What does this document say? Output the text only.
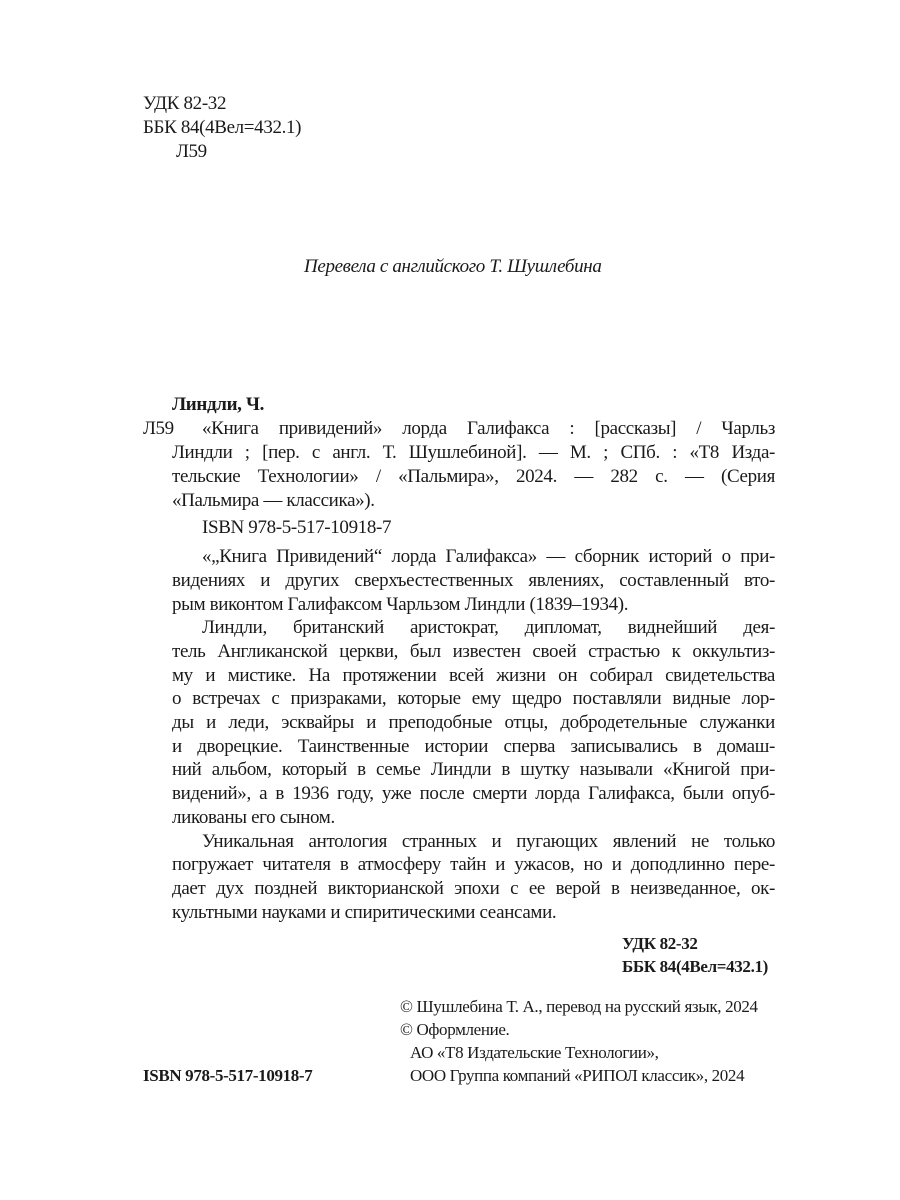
УДК 82-32
ББК 84(4Вел=432.1)
Л59
Перевела с английского Т. Шушлебина
Линдли, Ч.
Л59 «Книга привидений» лорда Галифакса : [рассказы] / Чарльз
Линдли ; [пер. с англ. Т. Шушлебиной]. — М. ; СПб. : «Т8 Изда-
тельские Технологии» / «Пальмира», 2024. — 282 с. — (Серия
«Пальмира — классика»).
ISBN 978-5-517-10918-7
«„Книга Привидений“ лорда Галифакса» — сборник историй о при-
видениях и других сверхъестественных явлениях, составленный вто-
рым виконтом Галифаксом Чарльзом Линдли (1839–1934).
Линдли, британский аристократ, дипломат, виднейший дея-
тель Англиканской церкви, был известен своей страстью к оккультиз-
му и мистике. На протяжении всей жизни он собирал свидетельства
о встречах с призраками, которые ему щедро поставляли видные лор-
ды и леди, эсквайры и преподобные отцы, добродетельные служанки
и дворецкие. Таинственные истории сперва записывались в домаш-
ний альбом, который в семье Линдли в шутку называли «Книгой при-
видений», а в 1936 году, уже после смерти лорда Галифакса, были опуб-
ликованы его сыном.
Уникальная антология странных и пугающих явлений не только
погружает читателя в атмосферу тайн и ужасов, но и доподлинно пере-
дает дух поздней викторианской эпохи с ее верой в неизведанное, ок-
культными науками и спиритическими сеансами.
УДК 82-32
ББК 84(4Вел=432.1)
© Шушлебина Т. А., перевод на русский язык, 2024
© Оформление.
АО «Т8 Издательские Технологии»,
ООО Группа компаний «РИПОЛ классик», 2024
ISBN 978-5-517-10918-7
